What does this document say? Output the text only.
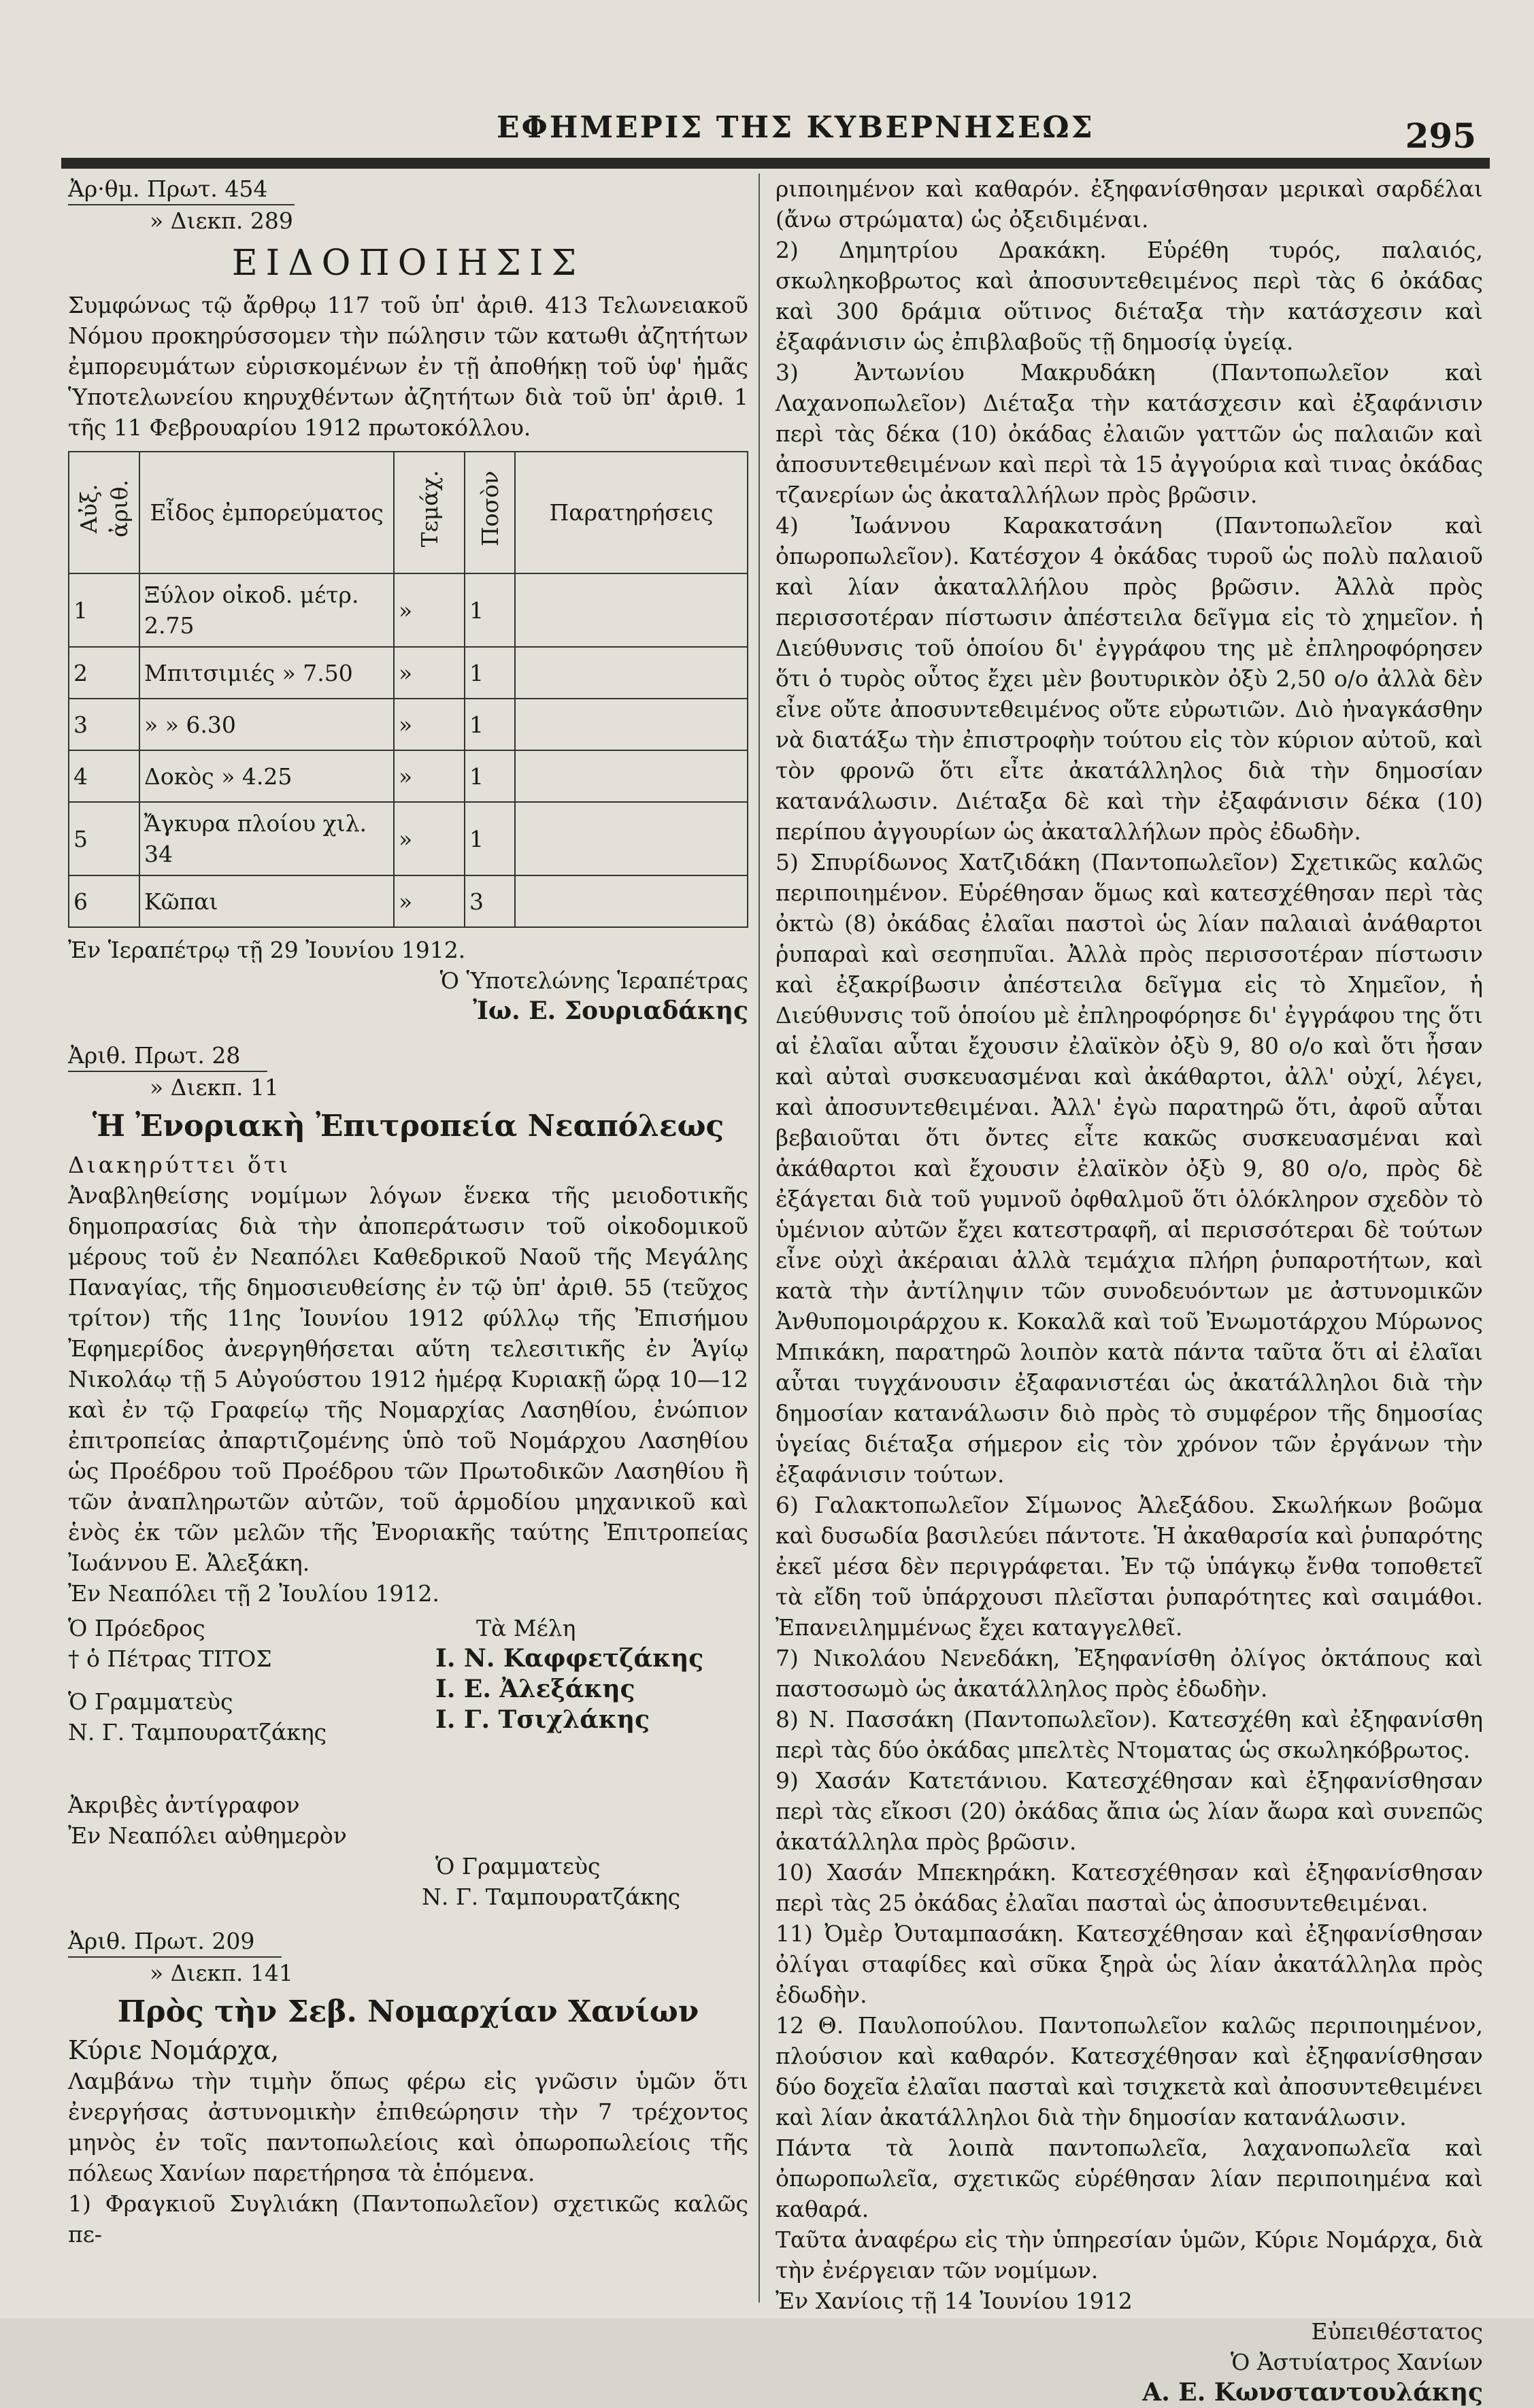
ΕΦΗΜΕΡΙΣ ΤΗΣ ΚΥΒΕΡΝΗΣΕΩΣ	295
Ἀρ·θμ. Πρωτ. 454
» Διεκπ. 289
ΕΙΔΟΠΟΙΗΣΙΣ

Συμφώνως τῷ ἄρθρῳ 117 τοῦ ὑπ' ἀριθ. 413 Τελωνειακοῦ Νόμου προκηρύσσομεν τὴν πώλησιν τῶν κατωθι ἀζητήτων ἐμπορευμάτων εὑρισκομένων ἐν τῇ ἀποθήκῃ τοῦ ὑφ' ἡμᾶς Ὑποτελωνείου κηρυχθέντων ἀζητήτων διὰ τοῦ ὑπ' ἀριθ. 1 τῆς 11 Φεβρουαρίου 1912 πρωτοκόλλου.

Αὐξ. ἀριθ.	Εἶδος ἐμπορεύματος	Τεμάχ.	Ποσὸν	Παρατηρήσεις
1	Ξύλον οἰκοδ. μέτρ. 2.75	»	1	
2	Μπιτσιμιές » 7.50	»	1	
3	» » 6.30	»	1	
4	Δοκὸς » 4.25	»	1	
5	Ἄγκυρα πλοίου χιλ. 34	»	1	
6	Κῶπαι	»	3	
Ἐν Ἱεραπέτρῳ τῇ 29 Ἰουνίου 1912.
Ὁ Ὑποτελώνης Ἱεραπέτρας
Ἰω. Ε. Σουριαδάκης
Ἀριθ. Πρωτ. 28
» Διεκπ. 11
Ἡ Ἐνοριακὴ Ἐπιτροπεία Νεαπόλεως
Διακηρύττει ὅτι

Ἀναβληθείσης νομίμων λόγων ἕνεκα τῆς μειοδοτικῆς δημοπρασίας διὰ τὴν ἀποπεράτωσιν τοῦ οἰκοδομικοῦ μέρους τοῦ ἐν Νεαπόλει Καθεδρικοῦ Ναοῦ τῆς Μεγάλης Παναγίας, τῆς δημοσιευθείσης ἐν τῷ ὑπ' ἀριθ. 55 (τεῦχος τρίτον) τῆς 11ης Ἰουνίου 1912 φύλλῳ τῆς Ἐπισήμου Ἐφημερίδος ἀνεργηθήσεται αὕτη τελεσιτικῆς ἐν Ἁγίῳ Νικολάῳ τῇ 5 Αὐγούστου 1912 ἡμέρᾳ Κυριακῇ ὥρᾳ 10—12 καὶ ἐν τῷ Γραφείῳ τῆς Νομαρχίας Λασηθίου, ἐνώπιον ἐπιτροπείας ἀπαρτιζομένης ὑπὸ τοῦ Νομάρχου Λασηθίου ὡς Προέδρου τοῦ Προέδρου τῶν Πρωτοδικῶν Λασηθίου ἢ τῶν ἀναπληρωτῶν αὐτῶν, τοῦ ἁρμοδίου μηχανικοῦ καὶ ἑνὸς ἐκ τῶν μελῶν τῆς Ἐνοριακῆς ταύτης Ἐπιτροπείας Ἰωάννου Ε. Ἀλεξάκη.

Ἐν Νεαπόλει τῇ 2 Ἰουλίου 1912.
Ὁ Πρόεδρος
† ὁ Πέτρας ΤΙΤΟΣ
Ὁ Γραμματεὺς
Ν. Γ. Ταμπουρατζάκης
Τὰ Μέλη
Ι. Ν. Καφφετζάκης
Ι. Ε. Ἀλεξάκης
Ι. Γ. Τσιχλάκης
Ἀκριβὲς ἀντίγραφον
Ἐν Νεαπόλει αὐθημερὸν
Ὁ Γραμματεὺς
Ν. Γ. Ταμπουρατζάκης
Ἀριθ. Πρωτ. 209
» Διεκπ. 141
Πρὸς τὴν Σεβ. Νομαρχίαν Χανίων
Κύριε Νομάρχα,

Λαμβάνω τὴν τιμὴν ὅπως φέρω εἰς γνῶσιν ὑμῶν ὅτι ἐνεργήσας ἀστυνομικὴν ἐπιθεώρησιν τὴν 7 τρέχοντος μηνὸς ἐν τοῖς παντοπωλείοις καὶ ὀπωροπωλείοις τῆς πόλεως Χανίων παρετήρησα τὰ ἑπόμενα.

1) Φραγκιοῦ Συγλιάκη (Παντοπωλεῖον) σχετικῶς καλῶς πε-

ριποιημένον καὶ καθαρόν. ἐξηφανίσθησαν μερικαὶ σαρδέλαι (ἄνω στρώματα) ὡς ὀξειδιμέναι.

2) Δημητρίου Δρακάκη. Εὑρέθη τυρός, παλαιός, σκωληκοβρωτος καὶ ἀποσυντεθειμένος περὶ τὰς 6 ὀκάδας καὶ 300 δράμια οὕτινος διέταξα τὴν κατάσχεσιν καὶ ἐξαφάνισιν ὡς ἐπιβλαβοῦς τῇ δημοσίᾳ ὑγείᾳ.

3) Ἀντωνίου Μακρυδάκη (Παντοπωλεῖον καὶ Λαχανοπωλεῖον) Διέταξα τὴν κατάσχεσιν καὶ ἐξαφάνισιν περὶ τὰς δέκα (10) ὀκάδας ἐλαιῶν γαττῶν ὡς παλαιῶν καὶ ἀποσυντεθειμένων καὶ περὶ τὰ 15 ἀγγούρια καὶ τινας ὀκάδας τζανερίων ὡς ἀκαταλλήλων πρὸς βρῶσιν.

4) Ἰωάννου Καρακατσάνη (Παντοπωλεῖον καὶ ὀπωροπωλεῖον). Κατέσχον 4 ὀκάδας τυροῦ ὡς πολὺ παλαιοῦ καὶ λίαν ἀκαταλλήλου πρὸς βρῶσιν. Ἀλλὰ πρὸς περισσοτέραν πίστωσιν ἀπέστειλα δεῖγμα εἰς τὸ χημεῖον. ἡ Διεύθυνσις τοῦ ὁποίου δι' ἐγγράφου της μὲ ἐπληροφόρησεν ὅτι ὁ τυρὸς οὗτος ἔχει μὲν βουτυρικὸν ὀξὺ 2,50 ο/ο ἀλλὰ δὲν εἶνε οὔτε ἀποσυντεθειμένος οὔτε εὐρωτιῶν. Διὸ ἠναγκάσθην νὰ διατάξω τὴν ἐπιστροφὴν τούτου εἰς τὸν κύριον αὐτοῦ, καὶ τὸν φρονῶ ὅτι εἶτε ἀκατάλληλος διὰ τὴν δημοσίαν κατανάλωσιν. Διέταξα δὲ καὶ τὴν ἐξαφάνισιν δέκα (10) περίπου ἀγγουρίων ὡς ἀκαταλλήλων πρὸς ἐδωδὴν.

5) Σπυρίδωνος Χατζιδάκη (Παντοπωλεῖον) Σχετικῶς καλῶς περιποιημένον. Εὑρέθησαν ὅμως καὶ κατεσχέθησαν περὶ τὰς ὀκτὼ (8) ὀκάδας ἐλαῖαι παστοὶ ὡς λίαν παλαιαὶ ἀνάθαρτοι ῥυπαραὶ καὶ σεσηπυῖαι. Ἀλλὰ πρὸς περισσοτέραν πίστωσιν καὶ ἐξακρίβωσιν ἀπέστειλα δεῖγμα εἰς τὸ Χημεῖον, ἡ Διεύθυνσις τοῦ ὁποίου μὲ ἐπληροφόρησε δι' ἐγγράφου της ὅτι αἱ ἐλαῖαι αὗται ἔχουσιν ἐλαϊκὸν ὀξὺ 9, 80 ο/ο καὶ ὅτι ἦσαν καὶ αὐταὶ συσκευασμέναι καὶ ἀκάθαρτοι, ἀλλ' οὐχί, λέγει, καὶ ἀποσυντεθειμέναι. Ἀλλ' ἐγὼ παρατηρῶ ὅτι, ἀφοῦ αὗται βεβαιοῦται ὅτι ὄντες εἶτε κακῶς συσκευασμέναι καὶ ἀκάθαρτοι καὶ ἔχουσιν ἐλαϊκὸν ὀξὺ 9, 80 ο/ο, πρὸς δὲ ἐξάγεται διὰ τοῦ γυμνοῦ ὀφθαλμοῦ ὅτι ὁλόκληρον σχεδὸν τὸ ὑμένιον αὐτῶν ἔχει κατεστραφῆ, αἱ περισσότεραι δὲ τούτων εἶνε οὐχὶ ἀκέραιαι ἀλλὰ τεμάχια πλήρη ῥυπαροτήτων, καὶ κατὰ τὴν ἀντίληψιν τῶν συνοδευόντων με ἀστυνομικῶν Ἀνθυπομοιράρχου κ. Κοκαλᾶ καὶ τοῦ Ἐνωμοτάρχου Μύρωνος Μπικάκη, παρατηρῶ λοιπὸν κατὰ πάντα ταῦτα ὅτι αἱ ἐλαῖαι αὗται τυγχάνουσιν ἐξαφανιστέαι ὡς ἀκατάλληλοι διὰ τὴν δημοσίαν κατανάλωσιν διὸ πρὸς τὸ συμφέρον τῆς δημοσίας ὑγείας διέταξα σήμερον εἰς τὸν χρόνον τῶν ἐργάνων τὴν ἐξαφάνισιν τούτων.

6) Γαλακτοπωλεῖον Σίμωνος Ἀλεξάδου. Σκωλήκων βοῶμα καὶ δυσωδία βασιλεύει πάντοτε. Ἡ ἀκαθαρσία καὶ ῥυπαρότης ἐκεῖ μέσα δὲν περιγράφεται. Ἐν τῷ ὑπάγκῳ ἔνθα τοποθετεῖ τὰ εἴδη τοῦ ὑπάρχουσι πλεῖσται ῥυπαρότητες καὶ σαιμάθοι. Ἐπανειλημμένως ἔχει καταγγελθεῖ.

7) Νικολάου Νενεδάκη, Ἐξηφανίσθη ὀλίγος ὀκτάπους καὶ παστοσωμὸ ὡς ἀκατάλληλος πρὸς ἐδωδὴν.

8) Ν. Πασσάκη (Παντοπωλεῖον). Κατεσχέθη καὶ ἐξηφανίσθη περὶ τὰς δύο ὀκάδας μπελτὲς Ντοματας ὡς σκωληκόβρωτος.

9) Χασάν Κατετάνιου. Κατεσχέθησαν καὶ ἐξηφανίσθησαν περὶ τὰς εἴκοσι (20) ὀκάδας ἄπια ὡς λίαν ἄωρα καὶ συνεπῶς ἀκατάλληλα πρὸς βρῶσιν.

10) Χασάν Μπεκηράκη. Κατεσχέθησαν καὶ ἐξηφανίσθησαν περὶ τὰς 25 ὀκάδας ἐλαῖαι πασταὶ ὡς ἀποσυντεθειμέναι.

11) Ὀμὲρ Ὀυταμπασάκη. Κατεσχέθησαν καὶ ἐξηφανίσθησαν ὀλίγαι σταφίδες καὶ σῦκα ξηρὰ ὡς λίαν ἀκατάλληλα πρὸς ἐδωδὴν.

12 Θ. Παυλοπούλου. Παντοπωλεῖον καλῶς περιποιημένον, πλούσιον καὶ καθαρόν. Κατεσχέθησαν καὶ ἐξηφανίσθησαν δύο δοχεῖα ἐλαῖαι πασταὶ καὶ τσιχκετὰ καὶ ἀποσυντεθειμένει καὶ λίαν ἀκατάλληλοι διὰ τὴν δημοσίαν κατανάλωσιν.

Πάντα τὰ λοιπὰ παντοπωλεῖα, λαχανοπωλεῖα καὶ ὀπωροπωλεῖα, σχετικῶς εὑρέθησαν λίαν περιποιημένα καὶ καθαρά.

Ταῦτα ἀναφέρω εἰς τὴν ὑπηρεσίαν ὑμῶν, Κύριε Νομάρχα, διὰ τὴν ἐνέργειαν τῶν νομίμων.

Ἐν Χανίοις τῇ 14 Ἰουνίου 1912
Εὐπειθέστατος
Ὁ Ἀστυίατρος Χανίων
Α. Ε. Κωνσταντουλάκης
